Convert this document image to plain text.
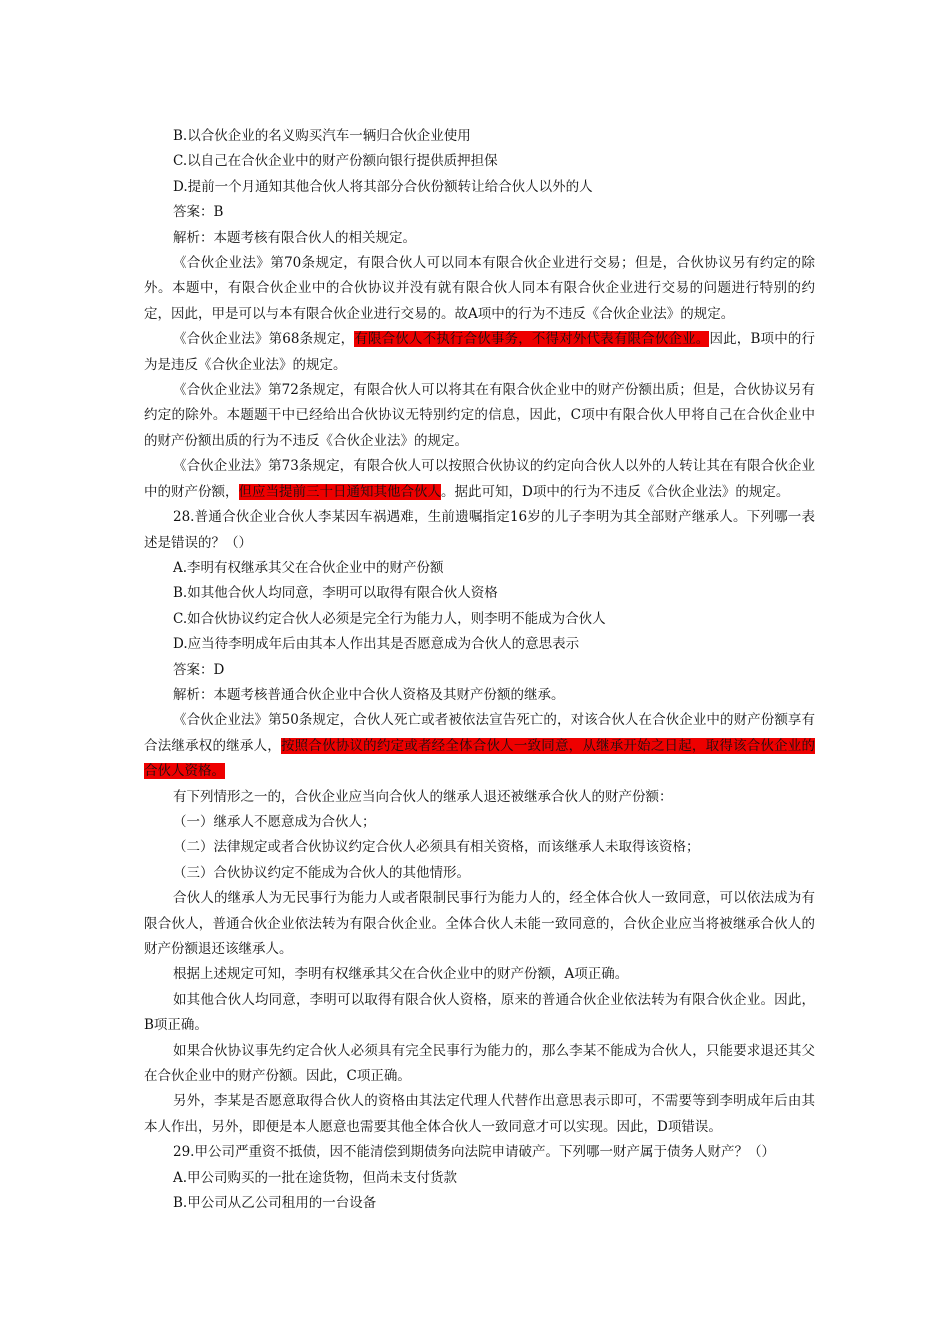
B.以合伙企业的名义购买汽车一辆归合伙企业使用

C.以自己在合伙企业中的财产份额向银行提供质押担保

D.提前一个月通知其他合伙人将其部分合伙份额转让给合伙人以外的人

答案：B

解析：本题考核有限合伙人的相关规定。

《合伙企业法》第70条规定，有限合伙人可以同本有限合伙企业进行交易；但是，合伙协议另有约定的除外。本题中，有限合伙企业中的合伙协议并没有就有限合伙人同本有限合伙企业进行交易的问题进行特别的约定，因此，甲是可以与本有限合伙企业进行交易的。故A项中的行为不违反《合伙企业法》的规定。

《合伙企业法》第68条规定，有限合伙人不执行合伙事务，不得对外代表有限合伙企业。因此，B项中的行为是违反《合伙企业法》的规定。

《合伙企业法》第72条规定，有限合伙人可以将其在有限合伙企业中的财产份额出质；但是，合伙协议另有约定的除外。本题题干中已经给出合伙协议无特别约定的信息，因此，C项中有限合伙人甲将自己在合伙企业中的财产份额出质的行为不违反《合伙企业法》的规定。

《合伙企业法》第73条规定，有限合伙人可以按照合伙协议的约定向合伙人以外的人转让其在有限合伙企业中的财产份额，但应当提前三十日通知其他合伙人。据此可知，D项中的行为不违反《合伙企业法》的规定。

28.普通合伙企业合伙人李某因车祸遇难，生前遗嘱指定16岁的儿子李明为其全部财产继承人。下列哪一表述是错误的？（）

A.李明有权继承其父在合伙企业中的财产份额

B.如其他合伙人均同意，李明可以取得有限合伙人资格

C.如合伙协议约定合伙人必须是完全行为能力人，则李明不能成为合伙人

D.应当待李明成年后由其本人作出其是否愿意成为合伙人的意思表示

答案：D

解析：本题考核普通合伙企业中合伙人资格及其财产份额的继承。

《合伙企业法》第50条规定，合伙人死亡或者被依法宣告死亡的，对该合伙人在合伙企业中的财产份额享有合法继承权的继承人，按照合伙协议的约定或者经全体合伙人一致同意，从继承开始之日起，取得该合伙企业的合伙人资格。

有下列情形之一的，合伙企业应当向合伙人的继承人退还被继承合伙人的财产份额：

（一）继承人不愿意成为合伙人；

（二）法律规定或者合伙协议约定合伙人必须具有相关资格，而该继承人未取得该资格；

（三）合伙协议约定不能成为合伙人的其他情形。

合伙人的继承人为无民事行为能力人或者限制民事行为能力人的，经全体合伙人一致同意，可以依法成为有限合伙人，普通合伙企业依法转为有限合伙企业。全体合伙人未能一致同意的，合伙企业应当将被继承合伙人的财产份额退还该继承人。

根据上述规定可知，李明有权继承其父在合伙企业中的财产份额，A项正确。

如其他合伙人均同意，李明可以取得有限合伙人资格，原来的普通合伙企业依法转为有限合伙企业。因此，B项正确。

如果合伙协议事先约定合伙人必须具有完全民事行为能力的，那么李某不能成为合伙人，只能要求退还其父在合伙企业中的财产份额。因此，C项正确。

另外，李某是否愿意取得合伙人的资格由其法定代理人代替作出意思表示即可，不需要等到李明成年后由其本人作出，另外，即便是本人愿意也需要其他全体合伙人一致同意才可以实现。因此，D项错误。

29.甲公司严重资不抵债，因不能清偿到期债务向法院申请破产。下列哪一财产属于债务人财产？（）

A.甲公司购买的一批在途货物，但尚未支付货款

B.甲公司从乙公司租用的一台设备
